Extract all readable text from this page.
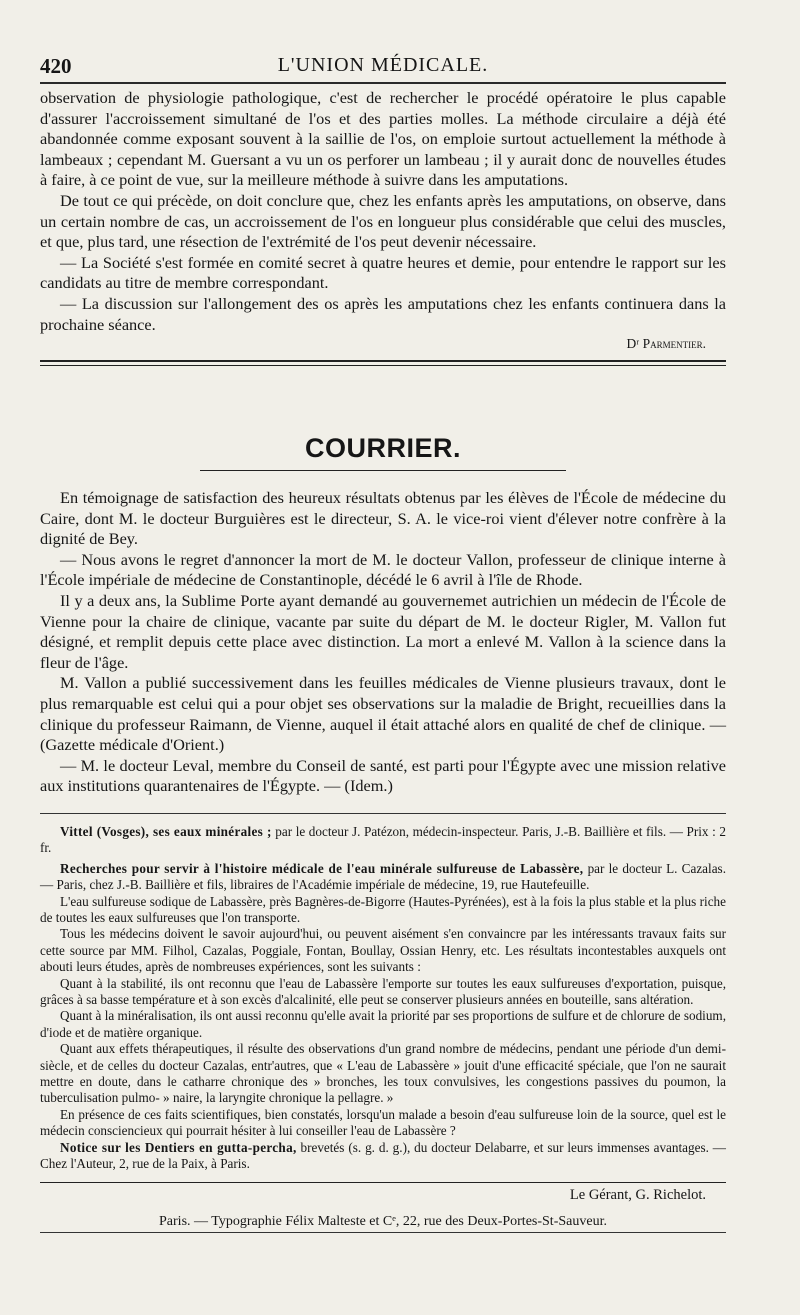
420	L'UNION MÉDICALE.

observation de physiologie pathologique, c'est de rechercher le procédé opératoire le plus capable d'assurer l'accroissement simultané de l'os et des parties molles. La méthode circulaire a déjà été abandonnée comme exposant souvent à la saillie de l'os, on emploie surtout actuellement la méthode à lambeaux ; cependant M. Guersant a vu un os perforer un lambeau ; il y aurait donc de nouvelles études à faire, à ce point de vue, sur la meilleure méthode à suivre dans les amputations.

De tout ce qui précède, on doit conclure que, chez les enfants après les amputations, on observe, dans un certain nombre de cas, un accroissement de l'os en longueur plus considérable que celui des muscles, et que, plus tard, une résection de l'extrémité de l'os peut devenir nécessaire.

— La Société s'est formée en comité secret à quatre heures et demie, pour entendre le rapport sur les candidats au titre de membre correspondant.

— La discussion sur l'allongement des os après les amputations chez les enfants continuera dans la prochaine séance.

Dʳ Parmentier.
COURRIER.

En témoignage de satisfaction des heureux résultats obtenus par les élèves de l'École de médecine du Caire, dont M. le docteur Burguières est le directeur, S. A. le vice-roi vient d'élever notre confrère à la dignité de Bey.

— Nous avons le regret d'annoncer la mort de M. le docteur Vallon, professeur de clinique interne à l'École impériale de médecine de Constantinople, décédé le 6 avril à l'île de Rhode.

Il y a deux ans, la Sublime Porte ayant demandé au gouvernemet autrichien un médecin de l'École de Vienne pour la chaire de clinique, vacante par suite du départ de M. le docteur Rigler, M. Vallon fut désigné, et remplit depuis cette place avec distinction. La mort a enlevé M. Vallon à la science dans la fleur de l'âge.

M. Vallon a publié successivement dans les feuilles médicales de Vienne plusieurs travaux, dont le plus remarquable est celui qui a pour objet ses observations sur la maladie de Bright, recueillies dans la clinique du professeur Raimann, de Vienne, auquel il était attaché alors en qualité de chef de clinique. — (Gazette médicale d'Orient.)

— M. le docteur Leval, membre du Conseil de santé, est parti pour l'Égypte avec une mission relative aux institutions quarantenaires de l'Égypte. — (Idem.)

Vittel (Vosges), ses eaux minérales ; par le docteur J. Patézon, médecin-inspecteur. Paris, J.-B. Baillière et fils. — Prix : 2 fr.

Recherches pour servir à l'histoire médicale de l'eau minérale sulfureuse de Labassère, par le docteur L. Cazalas. — Paris, chez J.-B. Baillière et fils, libraires de l'Académie impériale de médecine, 19, rue Hautefeuille.

L'eau sulfureuse sodique de Labassère, près Bagnères-de-Bigorre (Hautes-Pyrénées), est à la fois la plus stable et la plus riche de toutes les eaux sulfureuses que l'on transporte.

Tous les médecins doivent le savoir aujourd'hui, ou peuvent aisément s'en convaincre par les intéressants travaux faits sur cette source par MM. Filhol, Cazalas, Poggiale, Fontan, Boullay, Ossian Henry, etc. Les résultats incontestables auxquels ont abouti leurs études, après de nombreuses expériences, sont les suivants :

Quant à la stabilité, ils ont reconnu que l'eau de Labassère l'emporte sur toutes les eaux sulfureuses d'exportation, puisque, grâces à sa basse température et à son excès d'alcalinité, elle peut se conserver plusieurs années en bouteille, sans altération.

Quant à la minéralisation, ils ont aussi reconnu qu'elle avait la priorité par ses proportions de sulfure et de chlorure de sodium, d'iode et de matière organique.

Quant aux effets thérapeutiques, il résulte des observations d'un grand nombre de médecins, pendant une période d'un demi-siècle, et de celles du docteur Cazalas, entr'autres, que « L'eau de Labassère » jouit d'une efficacité spéciale, que l'on ne saurait mettre en doute, dans le catharre chronique des » bronches, les toux convulsives, les congestions passives du poumon, la tuberculisation pulmo- » naire, la laryngite chronique la pellagre. »

En présence de ces faits scientifiques, bien constatés, lorsqu'un malade a besoin d'eau sulfureuse loin de la source, quel est le médecin consciencieux qui pourrait hésiter à lui conseiller l'eau de Labassère ?

Notice sur les Dentiers en gutta-percha, brevetés (s. g. d. g.), du docteur Delabarre, et sur leurs immenses avantages. — Chez l'Auteur, 2, rue de la Paix, à Paris.

Le Gérant, G. Richelot.
Paris. — Typographie Félix Malteste et Cᵉ, 22, rue des Deux-Portes-St-Sauveur.
